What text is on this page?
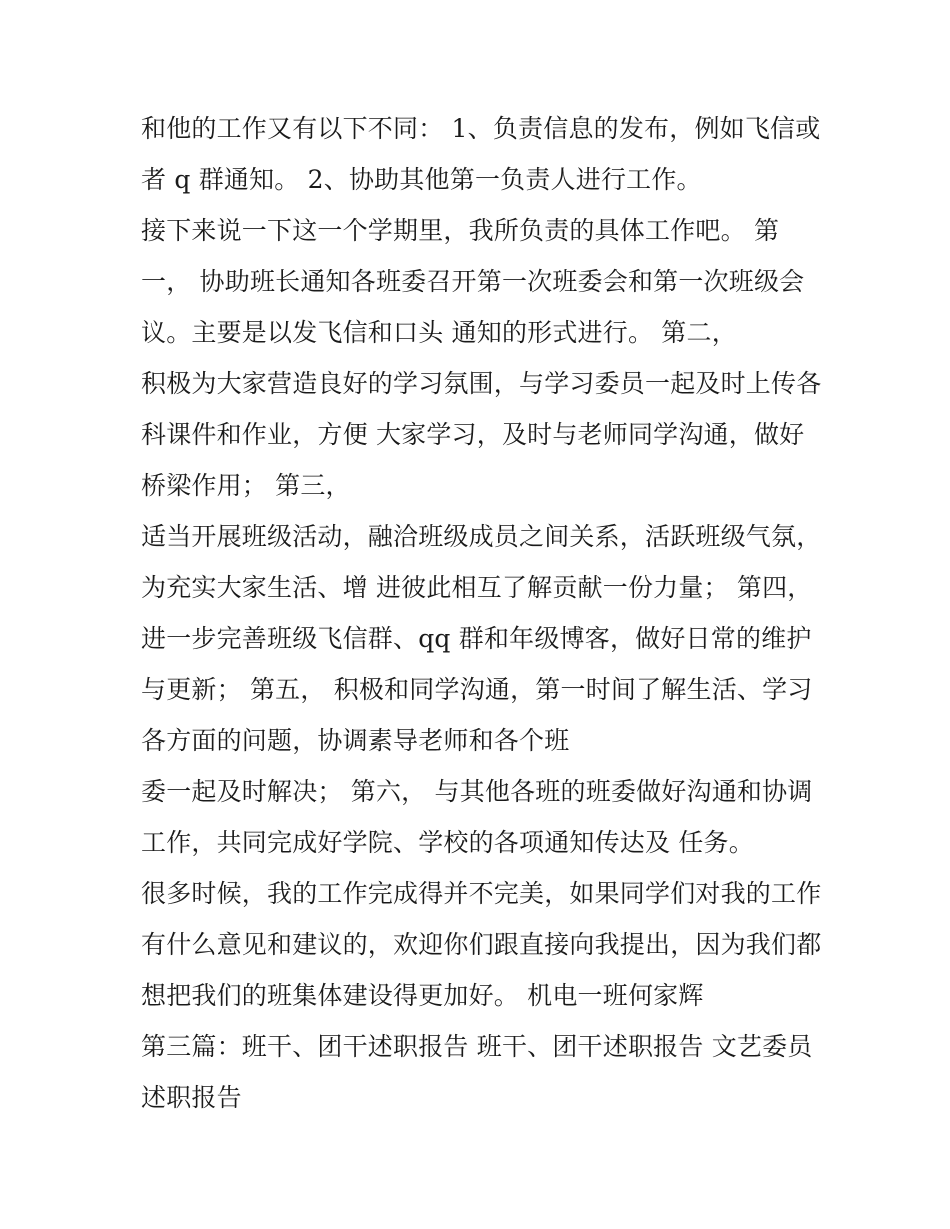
和他的工作又有以下不同： 1、负责信息的发布，例如飞信或
者 q 群通知。 2、协助其他第一负责人进行工作。
接下来说一下这一个学期里，我所负责的具体工作吧。 第
一， 协助班长通知各班委召开第一次班委会和第一次班级会
议。主要是以发飞信和口头 通知的形式进行。 第二，
积极为大家营造良好的学习氛围，与学习委员一起及时上传各
科课件和作业，方便 大家学习，及时与老师同学沟通，做好
桥梁作用； 第三，
适当开展班级活动，融洽班级成员之间关系，活跃班级气氛，
为充实大家生活、增 进彼此相互了解贡献一份力量； 第四，
进一步完善班级飞信群、qq 群和年级博客，做好日常的维护
与更新； 第五， 积极和同学沟通，第一时间了解生活、学习
各方面的问题，协调素导老师和各个班
委一起及时解决； 第六， 与其他各班的班委做好沟通和协调
工作，共同完成好学院、学校的各项通知传达及 任务。
很多时候，我的工作完成得并不完美，如果同学们对我的工作
有什么意见和建议的，欢迎你们跟直接向我提出，因为我们都
想把我们的班集体建设得更加好。 机电一班何家辉
第三篇：班干、团干述职报告 班干、团干述职报告 文艺委员
述职报告
